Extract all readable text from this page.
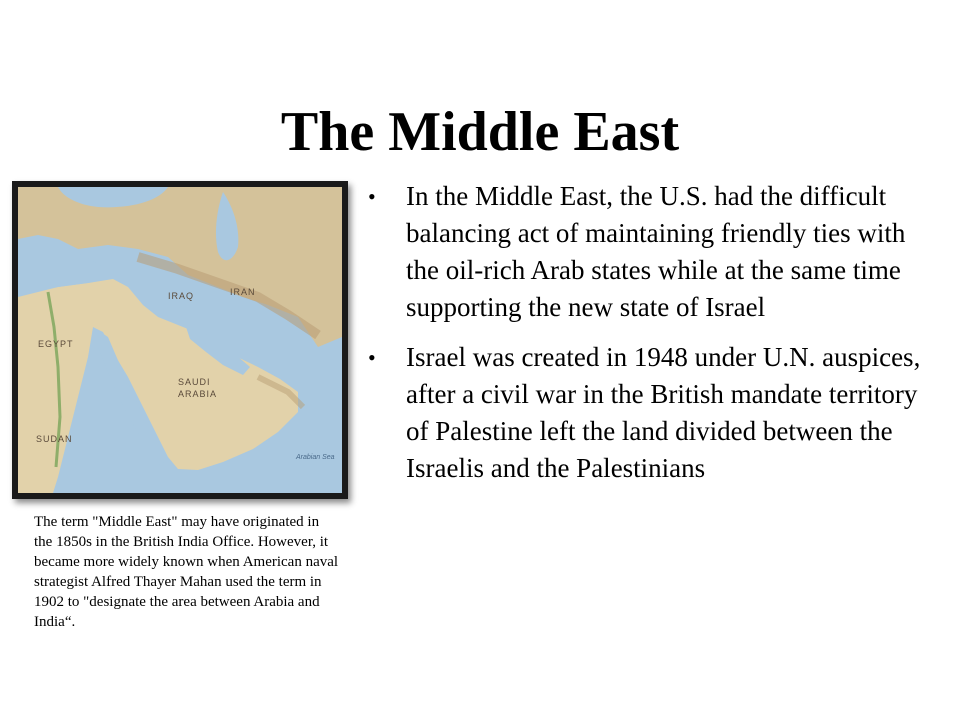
The Middle East
IRAQ	IRAN
EGYPT
SAUDI
ARABIA
SUDAN
Arabian Sea
The term "Middle East" may have originated in the 1850s in the British India Office. However, it became more widely known when American naval strategist Alfred Thayer Mahan used the term in 1902 to "designate the area between Arabia and India“.
• In the Middle East, the U.S. had the difficult balancing act of maintaining friendly ties with the oil-rich Arab states while at the same time supporting the new state of Israel
• Israel was created in 1948 under U.N. auspices, after a civil war in the British mandate territory of Palestine left the land divided between the Israelis and the Palestinians
